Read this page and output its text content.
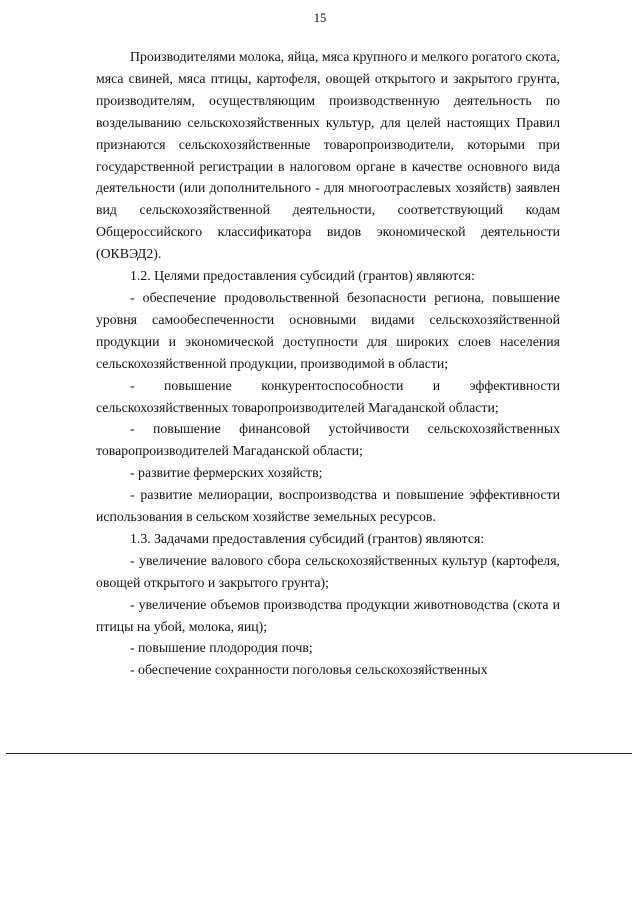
15

Производителями молока, яйца, мяса крупного и мелкого рогатого скота, мяса свиней, мяса птицы, картофеля, овощей открытого и закрытого грунта, производителям, осуществляющим производственную деятельность по возделыванию сельскохозяйственных культур, для целей настоящих Правил признаются сельскохозяйственные товаропроизводители, которыми при государственной регистрации в налоговом органе в качестве основного вида деятельности (или дополнительного - для многоотраслевых хозяйств) заявлен вид сельскохозяйственной деятельности, соответствующий кодам Общероссийского классификатора видов экономической деятельности (ОКВЭД2).

1.2. Целями предоставления субсидий (грантов) являются:

- обеспечение продовольственной безопасности региона, повышение уровня самообеспеченности основными видами сельскохозяйственной продукции и экономической доступности для широких слоев населения сельскохозяйственной продукции, производимой в области;

- повышение конкурентоспособности и эффективности сельскохозяйственных товаропроизводителей Магаданской области;

- повышение финансовой устойчивости сельскохозяйственных товаропроизводителей Магаданской области;

- развитие фермерских хозяйств;

- развитие мелиорации, воспроизводства и повышение эффективности использования в сельском хозяйстве земельных ресурсов.

1.3. Задачами предоставления субсидий (грантов) являются:

- увеличение валового сбора сельскохозяйственных культур (картофеля, овощей открытого и закрытого грунта);

- увеличение объемов производства продукции животноводства (скота и птицы на убой, молока, яиц);

- повышение плодородия почв;

- обеспечение сохранности поголовья сельскохозяйственных
